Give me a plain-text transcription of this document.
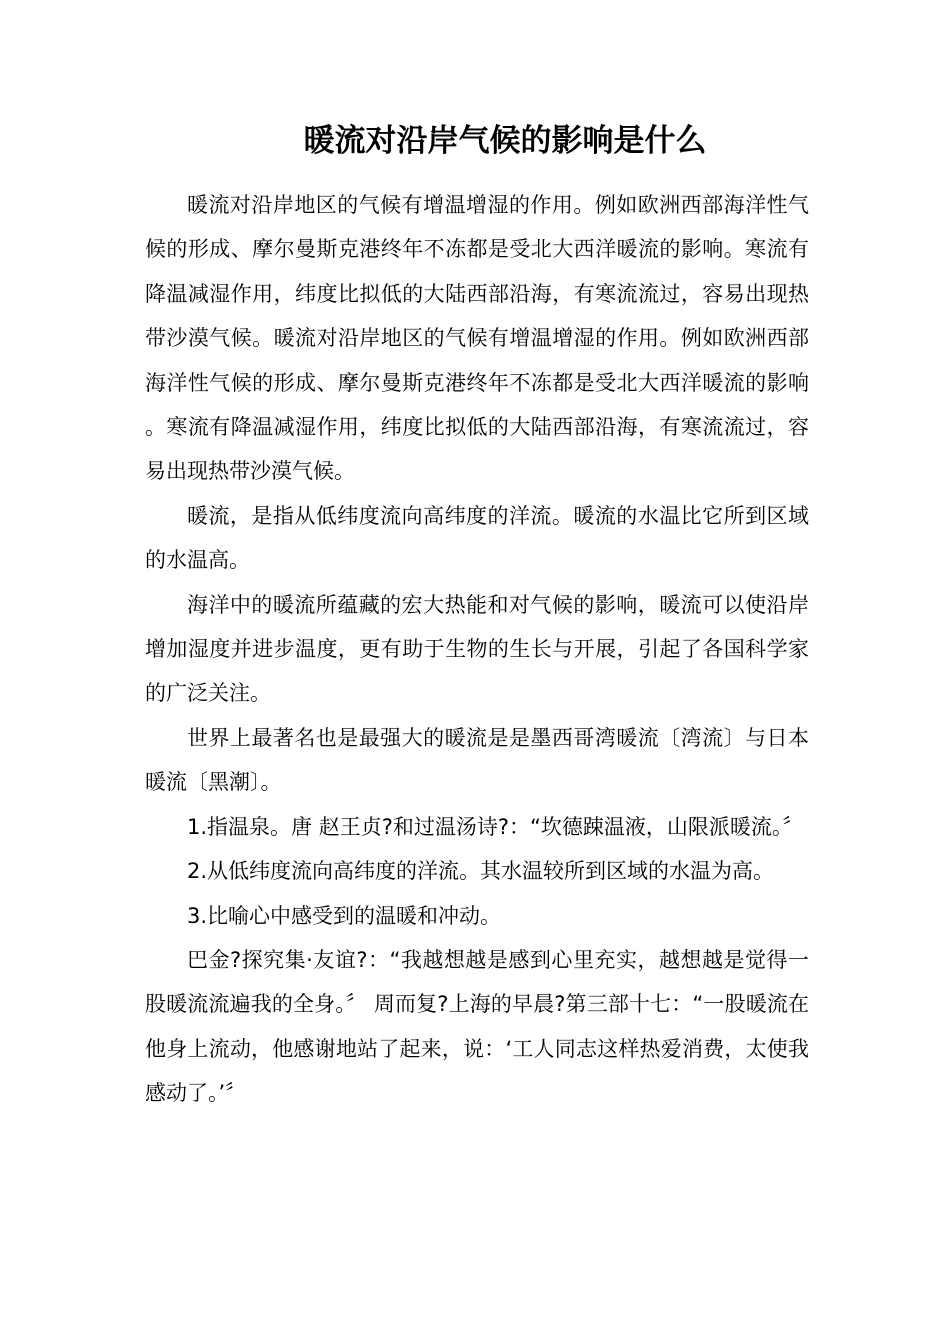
暖流对沿岸气候的影响是什么

暖流对沿岸地区的气候有增温增湿的作用。例如欧洲西部海洋性气候的形成、摩尔曼斯克港终年不冻都是受北大西洋暖流的影响。寒流有降温减湿作用，纬度比拟低的大陆西部沿海，有寒流流过，容易出现热带沙漠气候。暖流对沿岸地区的气候有增温增湿的作用。例如欧洲西部海洋性气候的形成、摩尔曼斯克港终年不冻都是受北大西洋暖流的影响。寒流有降温减湿作用，纬度比拟低的大陆西部沿海，有寒流流过，容易出现热带沙漠气候。

暖流，是指从低纬度流向高纬度的洋流。暖流的水温比它所到区域的水温高。

海洋中的暖流所蕴藏的宏大热能和对气候的影响，暖流可以使沿岸增加湿度并进步温度，更有助于生物的生长与开展，引起了各国科学家的广泛关注。

世界上最著名也是最强大的暖流是是墨西哥湾暖流〔湾流〕与日本暖流〔黑潮〕。

1.指温泉。唐 赵王贞?和过温汤诗?：“坎德踈温液，山限派暖流。〞

2.从低纬度流向高纬度的洋流。其水温较所到区域的水温为高。

3.比喻心中感受到的温暖和冲动。

巴金?探究集·友谊?：“我越想越是感到心里充实，越想越是觉得一股暖流流遍我的全身。〞 周而复?上海的早晨?第三部十七：“一股暖流在他身上流动，他感谢地站了起来，说：‘工人同志这样热爱消费，太使我感动了。’〞
